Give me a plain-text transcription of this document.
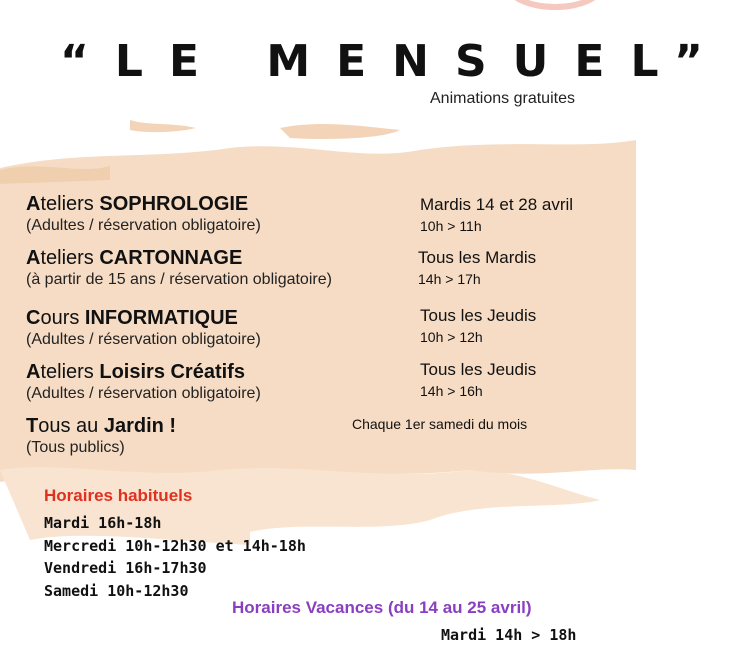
“LE MENSUEL”
Animations gratuites
Ateliers SOPHROLOGIE
(Adultes / réservation obligatoire)
Mardis 14 et 28 avril
10h > 11h
Ateliers CARTONNAGE
(à partir de 15 ans / réservation obligatoire)
Tous les Mardis
14h > 17h
Cours INFORMATIQUE
(Adultes / réservation obligatoire)
Tous les Jeudis
10h > 12h
Ateliers Loisirs Créatifs
(Adultes / réservation obligatoire)
Tous les Jeudis
14h > 16h
Tous au Jardin !
(Tous publics)
Chaque 1er samedi du mois
Horaires habituels
Mardi 16h-18h
Mercredi 10h-12h30 et 14h-18h
Vendredi 16h-17h30
Samedi 10h-12h30
Horaires Vacances (du 14 au 25 avril)
Mardi 14h > 18h
